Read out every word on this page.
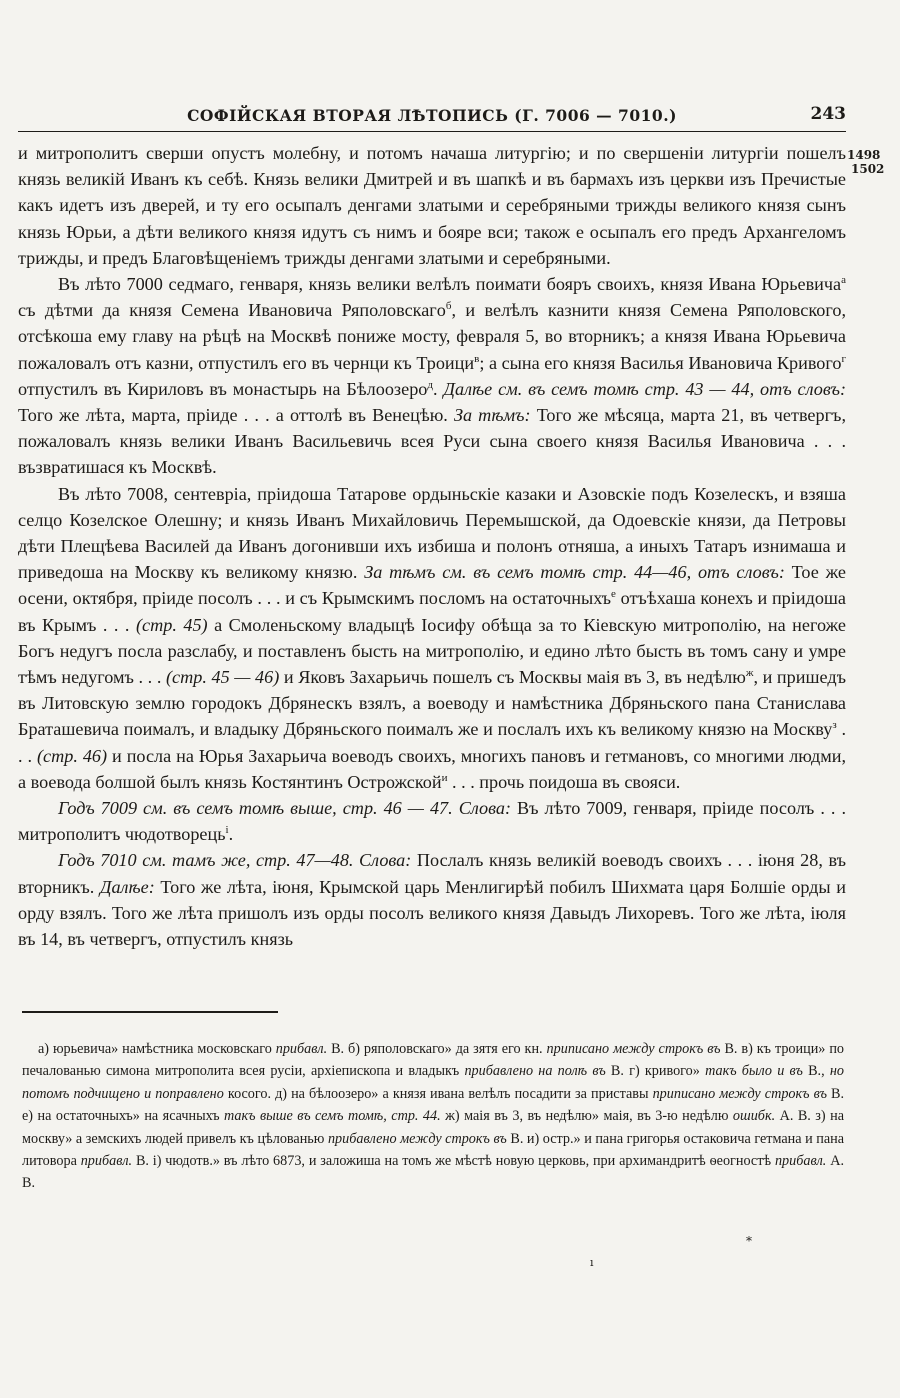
СОФІЙСКАЯ ВТОРАЯ ЛѢТОПИСЬ (Г. 7006 — 7010.)	243
1498
1502

и митрополитъ сверши опустъ молебну, и потомъ начаша литургію; и по свершеніи литургіи пошелъ князь великій Иванъ къ себѣ. Князь велики Дмитрей и въ шапкѣ и въ бармахъ изъ церкви изъ Пречистые какъ идетъ изъ дверей, и ту его осыпалъ денгами златыми и серебряными трижды великого князя сынъ князь Юрьи, а дѣти великого князя идутъ съ нимъ и бояре вси; також е осыпалъ его предъ Архангеломъ трижды, и предъ Благовѣщеніемъ трижды денгами златыми и серебряными.

Въ лѣто 7000 седмаго, генваря, князь велики велѣлъ поимати бояръ своихъ, князя Ивана Юрьевича$^а$ съ дѣтми да князя Семена Ивановича Ряполовскагo$^б$, и велѣлъ казнити князя Семена Ряполовского, отсѣкоша ему главу на рѣцѣ на Москвѣ пониже мосту, февраля 5, во вторникъ; а князя Ивана Юрьевича пожаловалъ отъ казни, отпустилъ его въ чернци къ Троици$^в$; а сына его князя Василья Ивановича Кривого$^г$ отпустилъ въ Кириловъ въ монастырь на Бѣлоозеро$^д$. Далѣе см. въ семъ томѣ стр. 43 — 44, отъ словъ: Того же лѣта, марта, пріиде . . . а оттолѣ въ Венецѣю. За тѣмъ: Того же мѣсяца, марта 21, въ четвергъ, пожаловалъ князь велики Иванъ Васильевичь всея Руси сына своего князя Василья Ивановича . . . възвратишася къ Москвѣ.

Въ лѣто 7008, сентевріа, пріидоша Татарове ордыньскіе казаки и Азовскіе подъ Козелескъ, и взяша селцо Козелское Олешну; и князь Иванъ Михайловичь Перемышской, да Одоевскіе князи, да Петровы дѣти Плещѣева Василей да Иванъ догонивши ихъ избиша и полонъ отняша, а иныхъ Татаръ изнимаша и приведоша на Москву къ великому князю. За тѣмъ см. въ семъ томѣ стр. 44—46, отъ словъ: Тое же осени, октября, пріиде посолъ . . . и съ Крымскимъ посломъ на остаточныхъ$^е$ отъѣхаша конехъ и пріидоша въ Крымъ . . . (стр. 45) а Смоленьскому владыцѣ Іосифу обѣща за то Кіевскую митрополію, на негоже Богъ недугъ посла разслабу, и поставленъ бысть на митрополію, и едино лѣто бысть въ томъ сану и умре тѣмъ недугомъ . . . (стр. 45 — 46) и Яковъ Захарьичь пошелъ съ Москвы маія въ 3, въ недѣлю$^ж$, и пришедъ въ Литовскую землю городокъ Дбрянескъ взялъ, а воеводу и намѣстника Дбряньского пана Станислава Браташевича поималъ, и владыку Дбряньского поималъ же и послалъ ихъ къ великому князю на Москву$^з$ . . . (стр. 46) и посла на Юрья Захарьича воеводъ своихъ, многихъ пановъ и гетмановъ, со многими людми, а воевода болшой былъ князь Костянтинъ Острожской$^и$ . . . прочь поидоша въ свояси.

Годъ 7009 см. въ семъ томѣ выше, стр. 46 — 47. Слова: Въ лѣто 7009, генваря, пріиде посолъ . . . митрополитъ чюдотворець$^і$.

Годъ 7010 см. тамъ же, стр. 47—48. Слова: Послалъ князь великій воеводъ своихъ . . . іюня 28, въ вторникъ. Далѣе: Того же лѣта, іюня, Крымской царь Менлигирѣй побилъ Шихмата царя Болшіе орды и орду взялъ. Того же лѣта пришолъ изъ орды посолъ великого князя Давыдъ Лихоревъ. Того же лѣта, іюля въ 14, въ четвергъ, отпустилъ князь

а) юрьевича» намѣстника московскаго прибавл. В. б) ряполовскаго» да зятя его кн. приписано между строкъ въ В. в) къ троици» по печалованью симона митрополита всея русіи, архіепископа и владыкъ прибавлено на полѣ въ В. г) кривого» такъ было и въ В., но потомъ подчищено и поправлено косого. д) на бѣлоозеро» а князя ивана велѣлъ посадити за приставы приписано между строкъ въ В. е) на остаточныхъ» на ясачныхъ такъ выше въ семъ томѣ, стр. 44. ж) маія въ 3, въ недѣлю» маія, въ 3-ю недѣлю ошибк. А. В. з) на москву» а земскихъ людей привелъ къ цѣлованью прибавлено между строкъ въ В. и) остр.» и пана григорья остаковича гетмана и пана литовора прибавл. В. і) чюдотв.» въ лѣто 6873, и заложиша на томъ же мѣстѣ новую церковь, при архимандритѣ ѳеогностѣ прибавл. А. В.

*
ı
